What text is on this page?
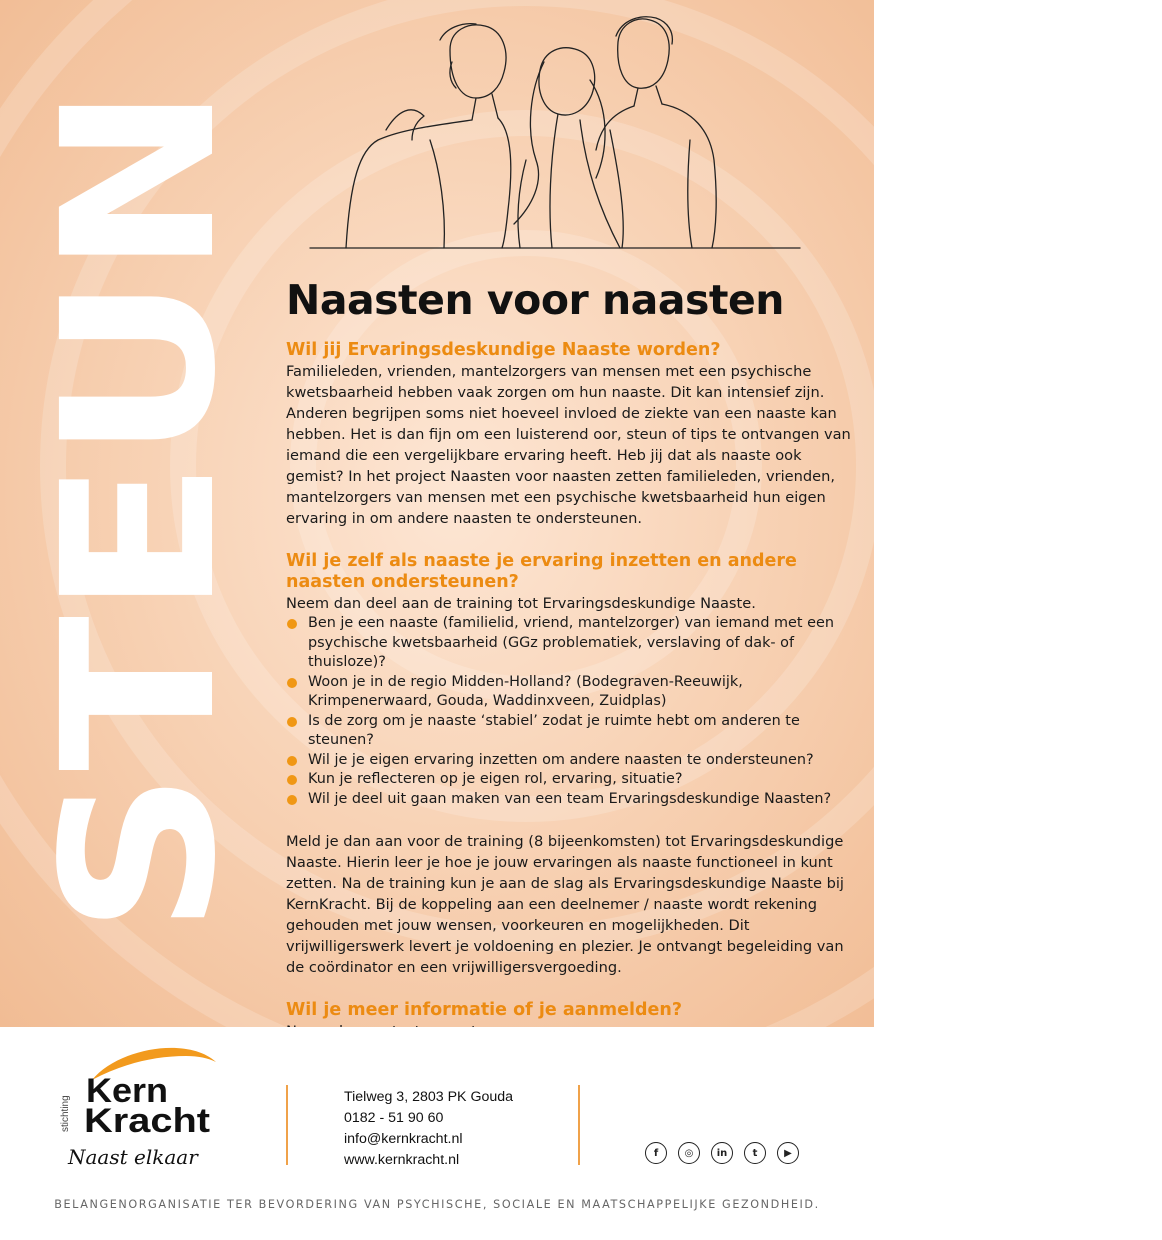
STEUN Naasten voor naasten
Wil jij Ervaringsdeskundige Naaste worden?

Familieleden, vrienden, mantelzorgers van mensen met een psychische kwetsbaarheid hebben vaak zorgen om hun naaste. Dit kan intensief zijn. Anderen begrijpen soms niet hoeveel invloed de ziekte van een naaste kan hebben. Het is dan fijn om een luisterend oor, steun of tips te ontvangen van iemand die een vergelijkbare ervaring heeft. Heb jij dat als naaste ook gemist? In het project Naasten voor naasten zetten familieleden, vrienden, mantelzorgers van mensen met een psychische kwetsbaarheid hun eigen ervaring in om andere naasten te ondersteunen.

Wil je zelf als naaste je ervaring inzetten en andere naasten ondersteunen?

Neem dan deel aan de training tot Ervaringsdeskundige Naaste.

Ben je een naaste (familielid, vriend, mantelzorger) van iemand met een psychische kwetsbaarheid (GGz problematiek, verslaving of dak- of thuisloze)?
Woon je in de regio Midden-Holland? (Bodegraven-Reeuwijk, Krimpenerwaard, Gouda, Waddinxveen, Zuidplas)
Is de zorg om je naaste ‘stabiel’ zodat je ruimte hebt om anderen te steunen?
Wil je je eigen ervaring inzetten om andere naasten te ondersteunen?
Kun je reflecteren op je eigen rol, ervaring, situatie?
Wil je deel uit gaan maken van een team Ervaringsdeskundige Naasten?

Meld je dan aan voor de training (8 bijeenkomsten) tot Ervaringsdeskundige Naaste. Hierin leer je hoe je jouw ervaringen als naaste functioneel in kunt zetten. Na de training kun je aan de slag als Ervaringsdeskundige Naaste bij KernKracht. Bij de koppeling aan een deelnemer / naaste wordt rekening gehouden met jouw wensen, voorkeuren en mogelijkheden. Dit vrijwilligerswerk levert je voldoening en plezier. Je ontvangt begeleiding van de coördinator en een vrijwilligersvergoeding.

Wil je meer informatie of je aanmelden?

stichting
Kern
Kracht
Naast elkaar
Tielweg 3, 2803 PK Gouda
0182 - 51 90 60
info@kernkracht.nl
www.kernkracht.nl	f	◎	in	t	▶
BELANGENORGANISATIE TER BEVORDERING VAN PSYCHISCHE, SOCIALE EN MAATSCHAPPELIJKE GEZONDHEID.
